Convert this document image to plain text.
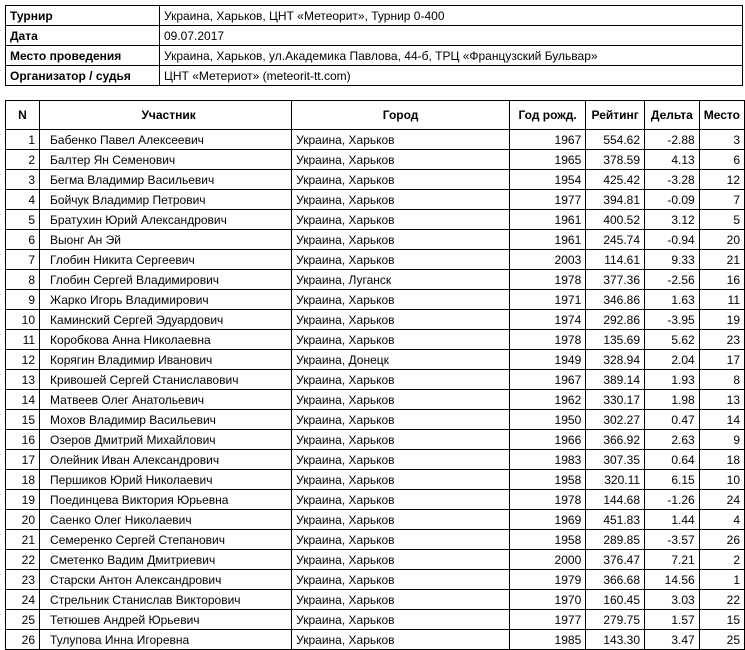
Турнир	Украина, Харьков, ЦНТ «Метеорит», Турнир 0-400
Дата	09.07.2017
Место проведения	Украина, Харьков, ул.Академика Павлова, 44-б, ТРЦ «Французский Бульвар»
Организатор / судья	ЦНТ «Метериот» (meteorit-tt.com)
N	Участник	Город	Год рожд.	Рейтинг	Дельта	Место
1	Бабенко Павел Алексеевич	Украина, Харьков	1967	554.62	-2.88	3
2	Балтер Ян Семенович	Украина, Харьков	1965	378.59	4.13	6
3	Бегма Владимир Васильевич	Украина, Харьков	1954	425.42	-3.28	12
4	Бойчук Владимир Петрович	Украина, Харьков	1977	394.81	-0.09	7
5	Братухин Юрий Александрович	Украина, Харьков	1961	400.52	3.12	5
6	Выонг Ан Эй	Украина, Харьков	1961	245.74	-0.94	20
7	Глобин Никита Сергеевич	Украина, Харьков	2003	114.61	9.33	21
8	Глобин Сергей Владимирович	Украина, Луганск	1978	377.36	-2.56	16
9	Жарко Игорь Владимирович	Украина, Харьков	1971	346.86	1.63	11
10	Каминский Сергей Эдуардович	Украина, Харьков	1974	292.86	-3.95	19
11	Коробкова Анна Николаевна	Украина, Харьков	1978	135.69	5.62	23
12	Корягин Владимир Иванович	Украина, Донецк	1949	328.94	2.04	17
13	Кривошей Сергей Станиславович	Украина, Харьков	1967	389.14	1.93	8
14	Матвеев Олег Анатольевич	Украина, Харьков	1962	330.17	1.98	13
15	Мохов Владимир Васильевич	Украина, Харьков	1950	302.27	0.47	14
16	Озеров Дмитрий Михайлович	Украина, Харьков	1966	366.92	2.63	9
17	Олейник Иван Александрович	Украина, Харьков	1983	307.35	0.64	18
18	Першиков Юрий Николаевич	Украина, Харьков	1958	320.11	6.15	10
19	Поединцева Виктория Юрьевна	Украина, Харьков	1978	144.68	-1.26	24
20	Саенко Олег Николаевич	Украина, Харьков	1969	451.83	1.44	4
21	Семеренко Сергей Степанович	Украина, Харьков	1958	289.85	-3.57	26
22	Сметенко Вадим Дмитриевич	Украина, Харьков	2000	376.47	7.21	2
23	Старски Антон Александрович	Украина, Харьков	1979	366.68	14.56	1
24	Стрельник Станислав Викторович	Украина, Харьков	1970	160.45	3.03	22
25	Тетюшев Андрей Юрьевич	Украина, Харьков	1977	279.75	1.57	15
26	Тулупова Инна Игоревна	Украина, Харьков	1985	143.30	3.47	25
